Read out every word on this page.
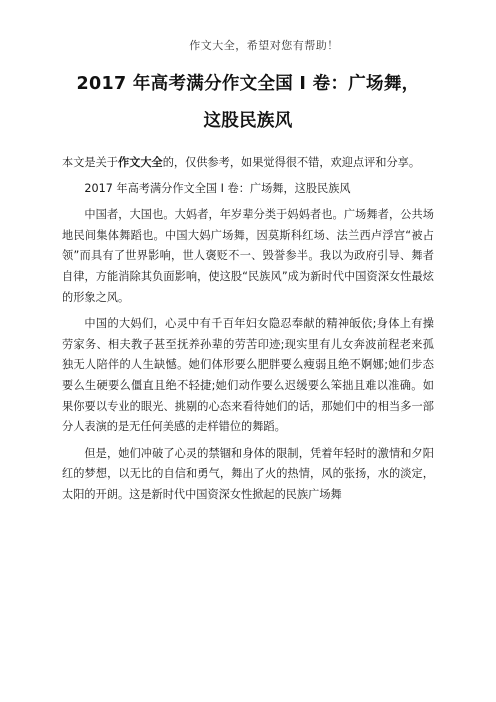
作文大全，希望对您有帮助！
2017 年高考满分作文全国 I 卷：广场舞，
这股民族风

本文是关于作文大全的，仅供参考，如果觉得很不错，欢迎点评和分享。

2017 年高考满分作文全国 I 卷：广场舞，这股民族风

中国者，大国也。大妈者，年岁辈分类于妈妈者也。广场舞者，公共场地民间集体舞蹈也。中国大妈广场舞，因莫斯科红场、法兰西卢浮宫“被占领”而具有了世界影响，世人褒贬不一、毁誉参半。我以为政府引导、舞者自律，方能消除其负面影响，使这股“民族风”成为新时代中国资深女性最炫的形象之风。

中国的大妈们，心灵中有千百年妇女隐忍奉献的精神皈依;身体上有操劳家务、相夫教子甚至抚养孙辈的劳苦印迹;现实里有儿女奔波前程老来孤独无人陪伴的人生缺憾。她们体形要么肥胖要么瘦弱且绝不婀娜;她们步态要么生硬要么僵直且绝不轻捷;她们动作要么迟缓要么笨拙且难以准确。如果你要以专业的眼光、挑剔的心态来看待她们的话，那她们中的相当多一部分人表演的是无任何美感的走样错位的舞蹈。

但是，她们冲破了心灵的禁锢和身体的限制，凭着年轻时的激情和夕阳红的梦想，以无比的自信和勇气，舞出了火的热情，风的张扬，水的淡定，太阳的开朗。这是新时代中国资深女性掀起的民族广场舞
